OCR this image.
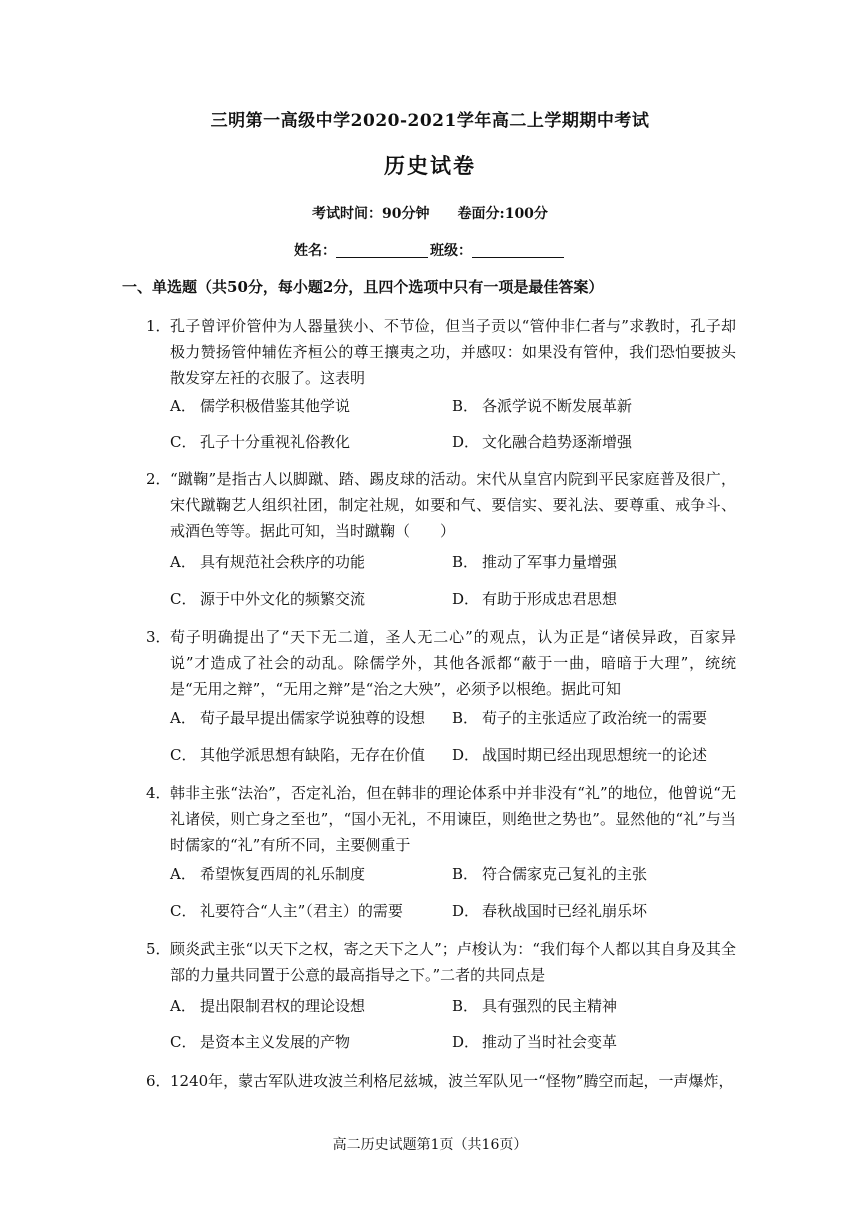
三明第一高级中学2020-2021学年高二上学期期中考试
历史试卷
考试时间：90分钟 卷面分:100分
姓名：	班级：
一、单选题（共50分，每小题2分，且四个选项中只有一项是最佳答案）
1． 孔子曾评价管仲为人器量狭小、不节俭，但当子贡以“管仲非仁者与”求教时，孔子却极力赞扬管仲辅佐齐桓公的尊王攘夷之功，并感叹：如果没有管仲，我们恐怕要披头散发穿左衽的衣服了。这表明
A． 儒学积极借鉴其他学说	B． 各派学说不断发展革新
C． 孔子十分重视礼俗教化	D． 文化融合趋势逐渐增强
2． “蹴鞠”是指古人以脚蹴、踏、踢皮球的活动。宋代从皇宫内院到平民家庭普及很广，宋代蹴鞠艺人组织社团，制定社规，如要和气、要信实、要礼法、要尊重、戒争斗、戒酒色等等。据此可知，当时蹴鞠（　　）
A． 具有规范社会秩序的功能	B． 推动了军事力量增强
C． 源于中外文化的频繁交流	D． 有助于形成忠君思想
3． 荀子明确提出了“天下无二道，圣人无二心”的观点，认为正是“诸侯异政，百家异说”才造成了社会的动乱。除儒学外，其他各派都“蔽于一曲，暗暗于大理”，统统是“无用之辩”，“无用之辩”是“治之大殃”，必须予以根绝。据此可知
A． 荀子最早提出儒家学说独尊的设想 B． 荀子的主张适应了政治统一的需要
C． 其他学派思想有缺陷，无存在价值 D． 战国时期已经出现思想统一的论述
4． 韩非主张“法治”，否定礼治，但在韩非的理论体系中并非没有“礼”的地位，他曾说“无礼诸侯，则亡身之至也”，“国小无礼，不用谏臣，则绝世之势也”。显然他的“礼”与当时儒家的“礼”有所不同，主要侧重于
A． 希望恢复西周的礼乐制度	B． 符合儒家克己复礼的主张
C． 礼要符合“人主”（君主）的需要	D． 春秋战国时已经礼崩乐坏
5． 顾炎武主张“以天下之权，寄之天下之人”；卢梭认为：“我们每个人都以其自身及其全部的力量共同置于公意的最高指导之下。”二者的共同点是
A． 提出限制君权的理论设想	B． 具有强烈的民主精神
C． 是资本主义发展的产物	D． 推动了当时社会变革
6． 1240年，蒙古军队进攻波兰利格尼兹城，波兰军队见一“怪物”腾空而起，一声爆炸，
高二历史试题第1页（共16页）
